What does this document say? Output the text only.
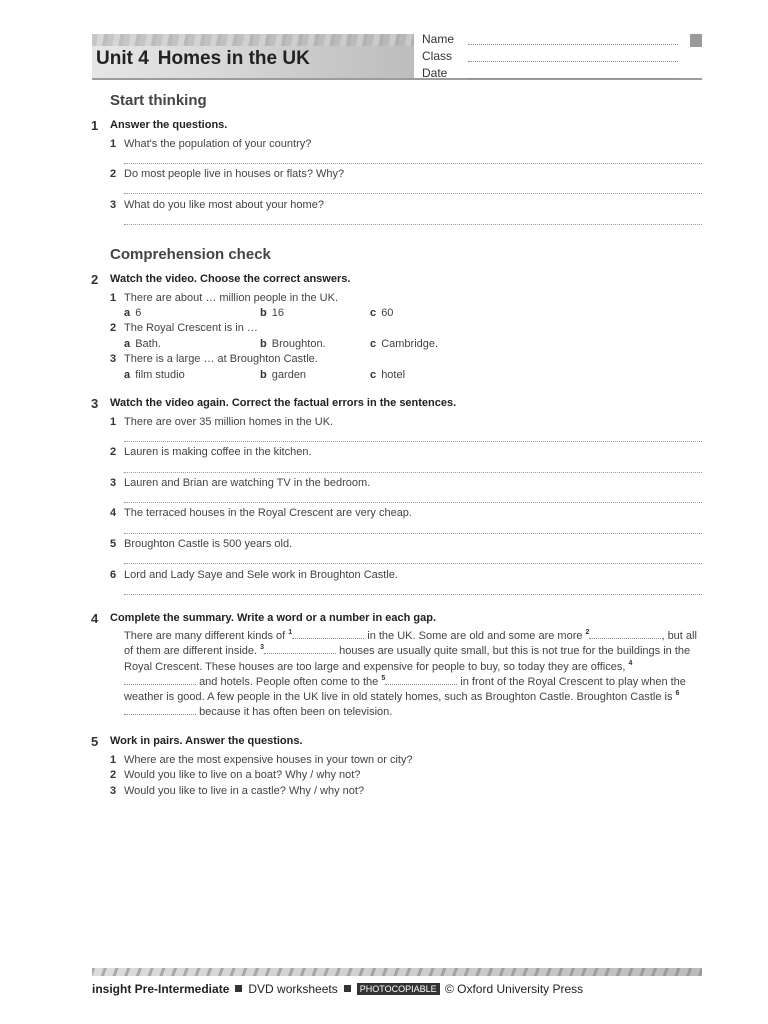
Unit 4 Homes in the UK
Name
Class
Date
Start thinking
1 Answer the questions.
1 What's the population of your country?
2 Do most people live in houses or flats? Why?
3 What do you like most about your home?
Comprehension check
2 Watch the video. Choose the correct answers.
1 There are about … million people in the UK.
a 6	b 16	c 60
2 The Royal Crescent is in …
a Bath.	b Broughton.	c Cambridge.
3 There is a large … at Broughton Castle.
a film studio	b garden	c hotel
3 Watch the video again. Correct the factual errors in the sentences.
1 There are over 35 million homes in the UK.
2 Lauren is making coffee in the kitchen.
3 Lauren and Brian are watching TV in the bedroom.
4 The terraced houses in the Royal Crescent are very cheap.
5 Broughton Castle is 500 years old.
6 Lord and Lady Saye and Sele work in Broughton Castle.
4 Complete the summary. Write a word or a number in each gap.
There are many different kinds of $^1$	in the UK. Some are old and some are more $^2$	, but all of them are different inside. $^3$	houses are usually quite small, but this is not true for the buildings in the Royal Crescent. These houses are too large and expensive for people to buy, so today they are offices, $^4$ and hotels. People often come to the $^5$	in front of the Royal Crescent to play when the weather is good. A few people in the UK live in old stately homes, such as Broughton Castle. Broughton Castle is $^6$ because it has often been on television.
5 Work in pairs. Answer the questions.
1 Where are the most expensive houses in your town or city?
2 Would you like to live on a boat? Why / why not?
3 Would you like to live in a castle? Why / why not?
insight Pre-Intermediate DVD worksheets PHOTOCOPIABLE © Oxford University Press
